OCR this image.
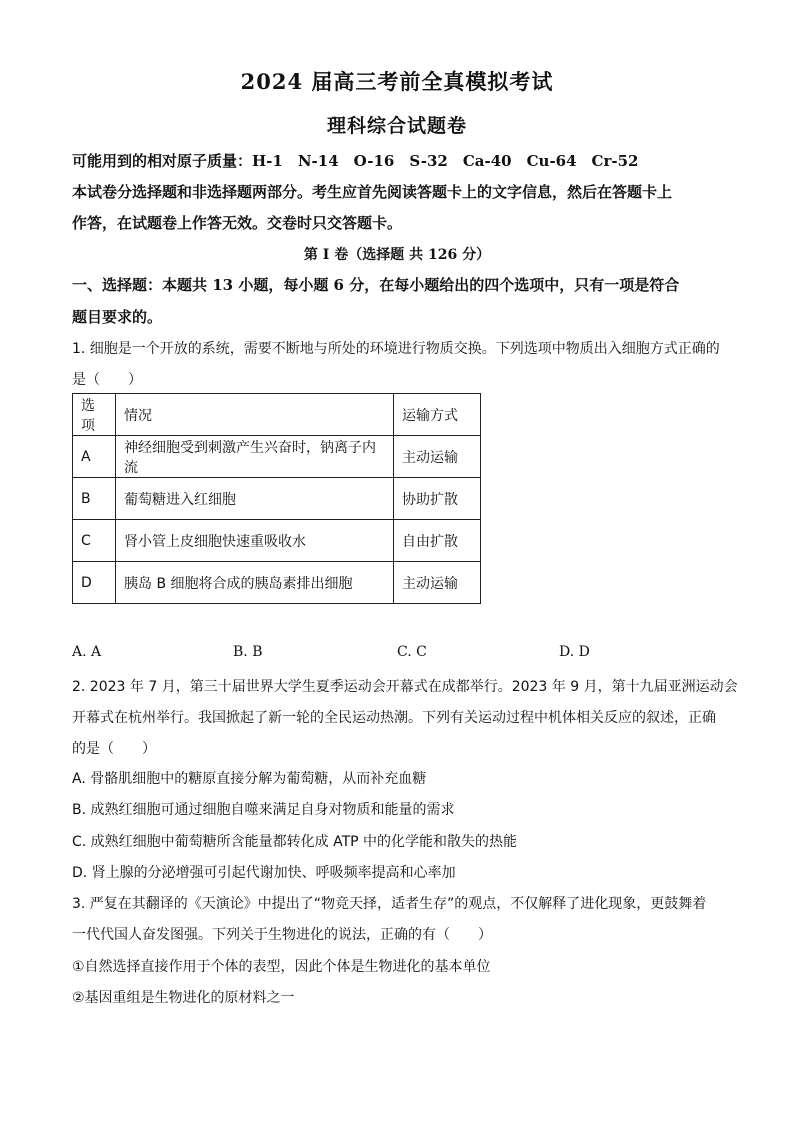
2024 届高三考前全真模拟考试
理科综合试题卷
可能用到的相对原子质量：H-1　N-14　O-16　S-32　Ca-40　Cu-64　Cr-52
本试卷分选择题和非选择题两部分。考生应首先阅读答题卡上的文字信息，然后在答题卡上
作答，在试题卷上作答无效。交卷时只交答题卡。
第 I 卷（选择题 共 126 分）
一、选择题：本题共 13 小题，每小题 6 分，在每小题给出的四个选项中，只有一项是符合
题目要求的。
1. 细胞是一个开放的系统，需要不断地与所处的环境进行物质交换。下列选项中物质出入细胞方式正确的
是（　　）
选项	情况	运输方式
A	神经细胞受到刺激产生兴奋时，钠离子内流	主动运输
B	葡萄糖进入红细胞	协助扩散
C	肾小管上皮细胞快速重吸收水	自由扩散
D	胰岛 B 细胞将合成的胰岛素排出细胞	主动运输
A. A	B. B	C. C	D. D
2. 2023 年 7 月，第三十届世界大学生夏季运动会开幕式在成都举行。2023 年 9 月，第十九届亚洲运动会
开幕式在杭州举行。我国掀起了新一轮的全民运动热潮。下列有关运动过程中机体相关反应的叙述，正确
的是（　　）
A. 骨骼肌细胞中的糖原直接分解为葡萄糖，从而补充血糖
B. 成熟红细胞可通过细胞自噬来满足自身对物质和能量的需求
C. 成熟红细胞中葡萄糖所含能量都转化成 ATP 中的化学能和散失的热能
D. 肾上腺的分泌增强可引起代谢加快、呼吸频率提高和心率加
3. 严复在其翻译的《天演论》中提出了“物竞天择，适者生存”的观点，不仅解释了进化现象，更鼓舞着
一代代国人奋发图强。下列关于生物进化的说法，正确的有（　　）
①自然选择直接作用于个体的表型，因此个体是生物进化的基本单位
②基因重组是生物进化的原材料之一
